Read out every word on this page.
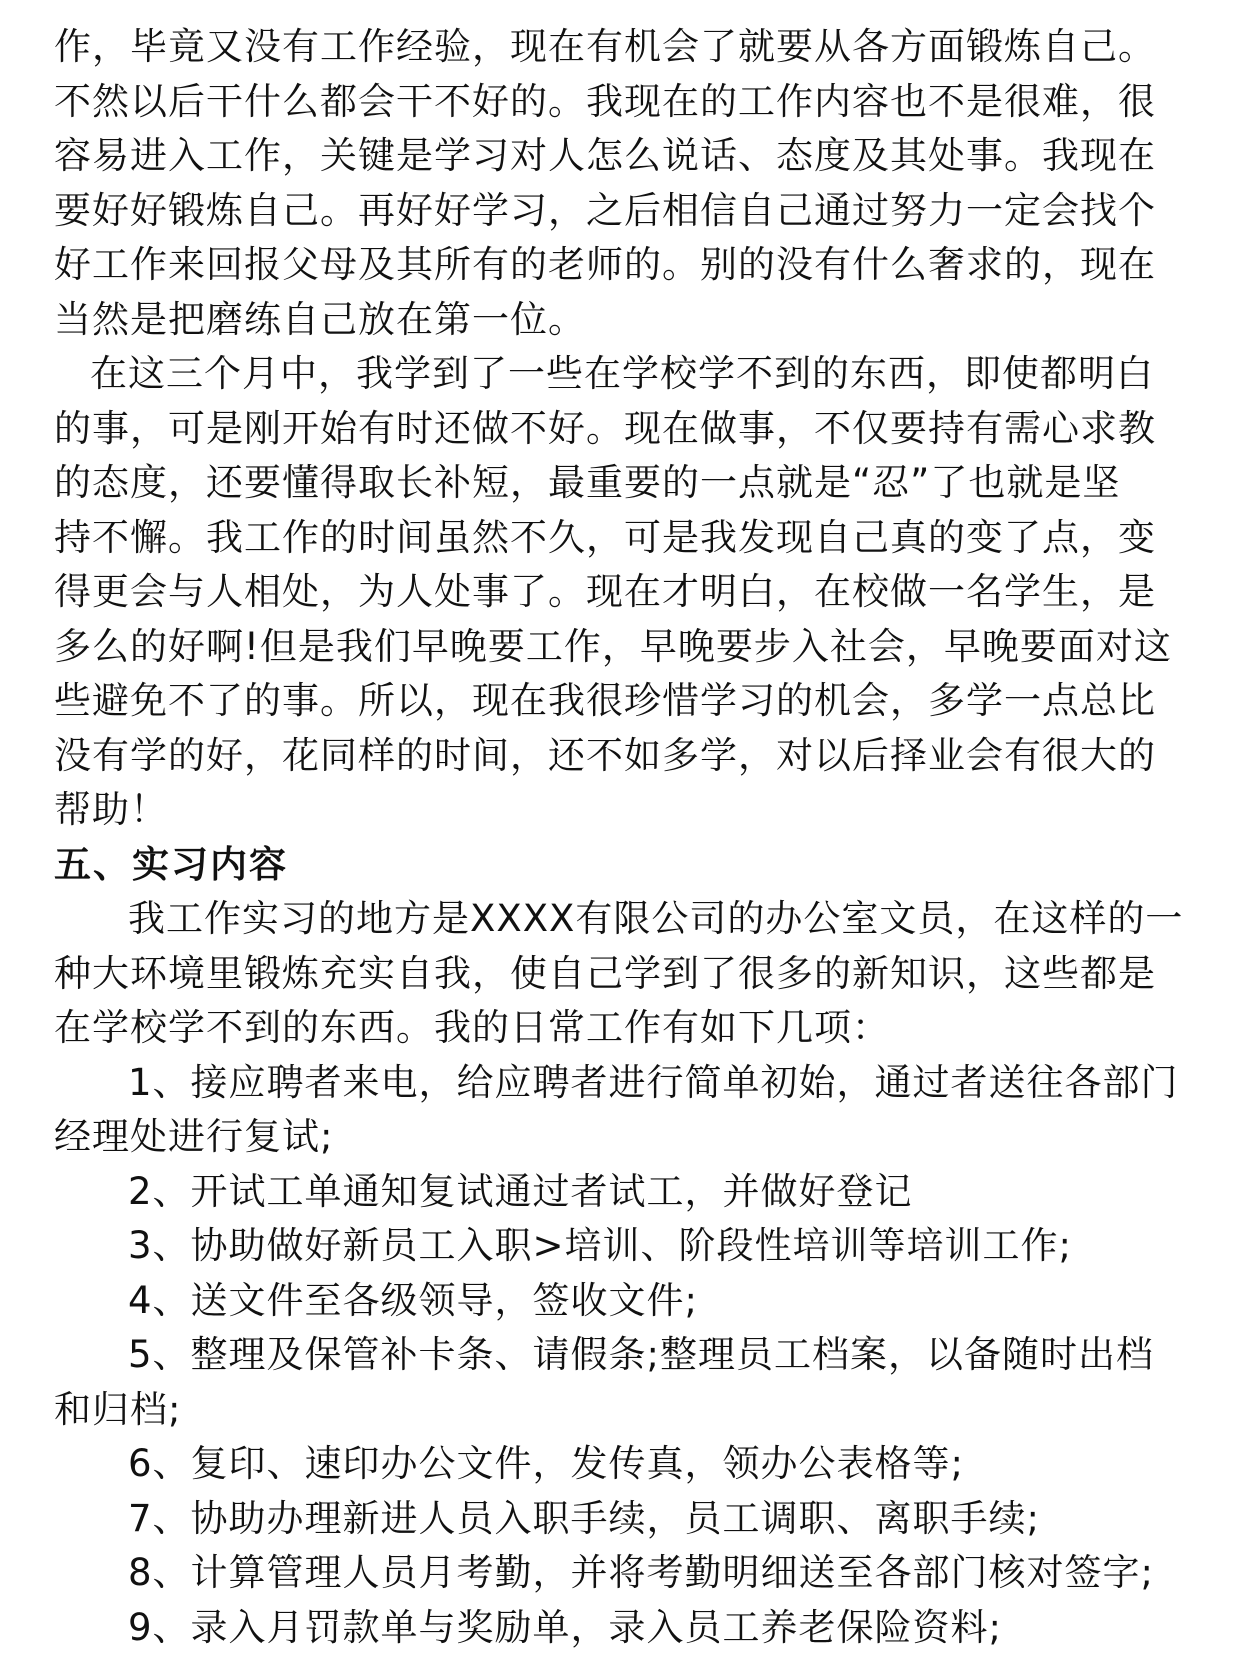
作，毕竟又没有工作经验，现在有机会了就要从各方面锻炼自己。
不然以后干什么都会干不好的。我现在的工作内容也不是很难，很
容易进入工作，关键是学习对人怎么说话、态度及其处事。我现在
要好好锻炼自己。再好好学习，之后相信自己通过努力一定会找个
好工作来回报父母及其所有的老师的。别的没有什么奢求的，现在
当然是把磨练自己放在第一位。
在这三个月中，我学到了一些在学校学不到的东西，即使都明白
的事，可是刚开始有时还做不好。现在做事，不仅要持有需心求教
的态度，还要懂得取长补短，最重要的一点就是“忍”了也就是坚
持不懈。我工作的时间虽然不久，可是我发现自己真的变了点，变
得更会与人相处，为人处事了。现在才明白，在校做一名学生，是
多么的好啊!但是我们早晚要工作，早晚要步入社会，早晚要面对这
些避免不了的事。所以，现在我很珍惜学习的机会，多学一点总比
没有学的好，花同样的时间，还不如多学，对以后择业会有很大的
帮助！
五、实习内容
我工作实习的地方是XXXX有限公司的办公室文员，在这样的一
种大环境里锻炼充实自我，使自己学到了很多的新知识，这些都是
在学校学不到的东西。我的日常工作有如下几项：
1、接应聘者来电，给应聘者进行简单初始，通过者送往各部门
经理处进行复试;
2、开试工单通知复试通过者试工，并做好登记
3、协助做好新员工入职>培训、阶段性培训等培训工作;
4、送文件至各级领导，签收文件;
5、整理及保管补卡条、请假条;整理员工档案，以备随时出档
和归档;
6、复印、速印办公文件，发传真，领办公表格等;
7、协助办理新进人员入职手续，员工调职、离职手续;
8、计算管理人员月考勤，并将考勤明细送至各部门核对签字;
9、录入月罚款单与奖励单，录入员工养老保险资料;
